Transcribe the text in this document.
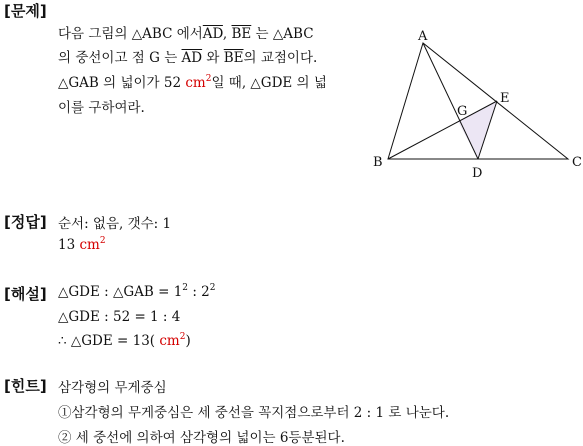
[문제]
다음 그림의 △ABC 에서$\overline{AD}$, $\overline{BE}$ 는 △ABC
의 중선이고 점 G 는 $\overline{AD}$ 와 $\overline{BE}$의 교점이다.
△GAB 의 넓이가 52 $cm^2$일 때, △GDE 의 넓
이를 구하여라.
A
B	C
D
E
G
[정답] 순서: 없음, 갯수: 1
13 $cm^2$
[해설] △GDE : △GAB = $1^2$ : $2^2$
△GDE : 52 = 1 : 4
∴ △GDE = 13( $cm^2$)
[힌트] 삼각형의 무게중심
①삼각형의 무게중심은 세 중선을 꼭지점으로부터 2 : 1 로 나눈다.
② 세 중선에 의하여 삼각형의 넓이는 6등분된다.
